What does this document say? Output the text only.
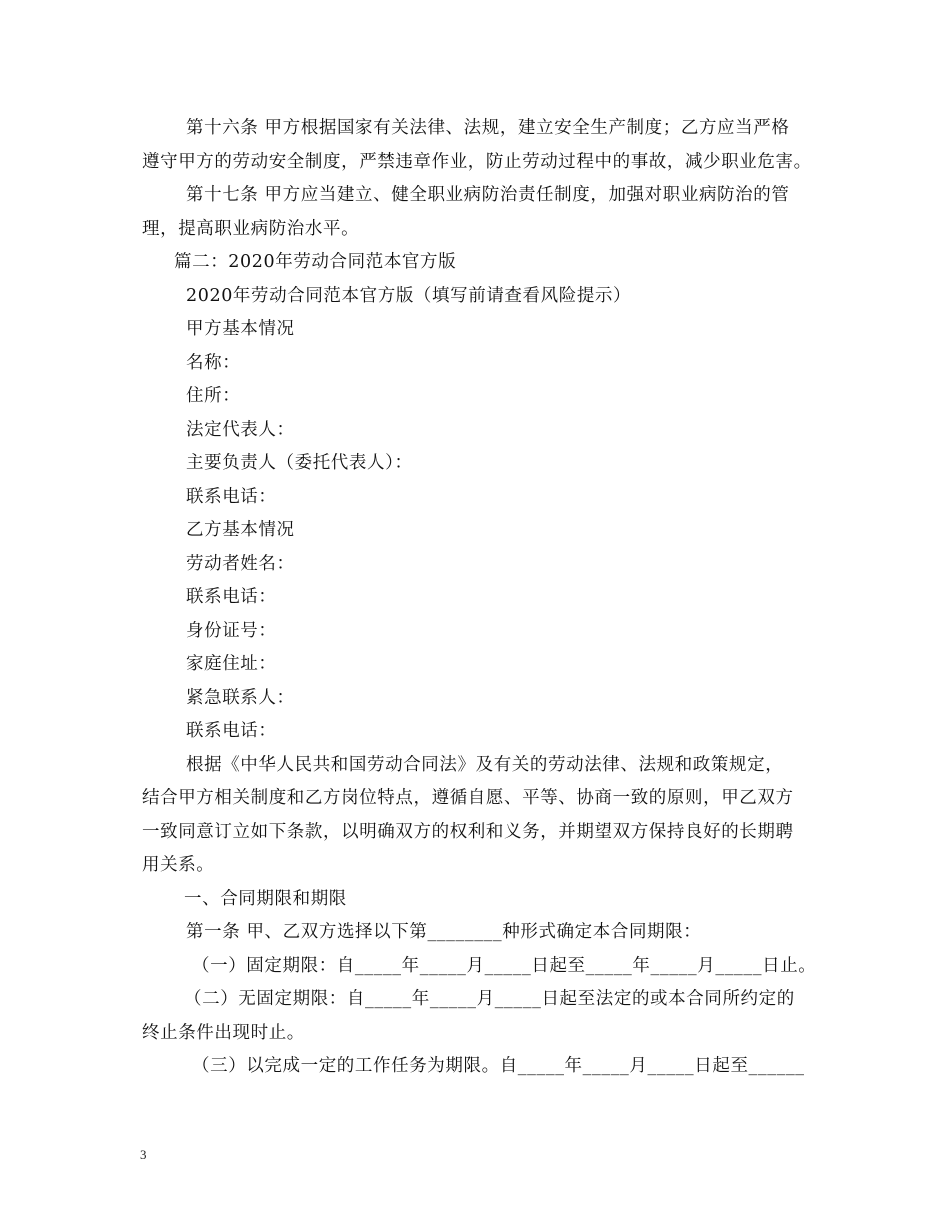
第十六条 甲方根据国家有关法律、法规，建立安全生产制度；乙方应当严格
遵守甲方的劳动安全制度，严禁违章作业，防止劳动过程中的事故，减少职业危害。
第十七条 甲方应当建立、健全职业病防治责任制度，加强对职业病防治的管
理，提高职业病防治水平。
篇二：2020年劳动合同范本官方版
2020年劳动合同范本官方版（填写前请查看风险提示）
甲方基本情况
名称：
住所：
法定代表人：
主要负责人（委托代表人）：
联系电话：
乙方基本情况
劳动者姓名：
联系电话：
身份证号：
家庭住址：
紧急联系人：
联系电话：
根据《中华人民共和国劳动合同法》及有关的劳动法律、法规和政策规定，
结合甲方相关制度和乙方岗位特点，遵循自愿、平等、协商一致的原则，甲乙双方
一致同意订立如下条款，以明确双方的权利和义务，并期望双方保持良好的长期聘
用关系。
一、合同期限和期限
第一条 甲、乙双方选择以下第________种形式确定本合同期限：
（一）固定期限：自_____年_____月_____日起至_____年_____月_____日止。
（二）无固定期限：自_____年_____月_____日起至法定的或本合同所约定的
终止条件出现时止。
（三）以完成一定的工作任务为期限。自_____年_____月_____日起至______
3
